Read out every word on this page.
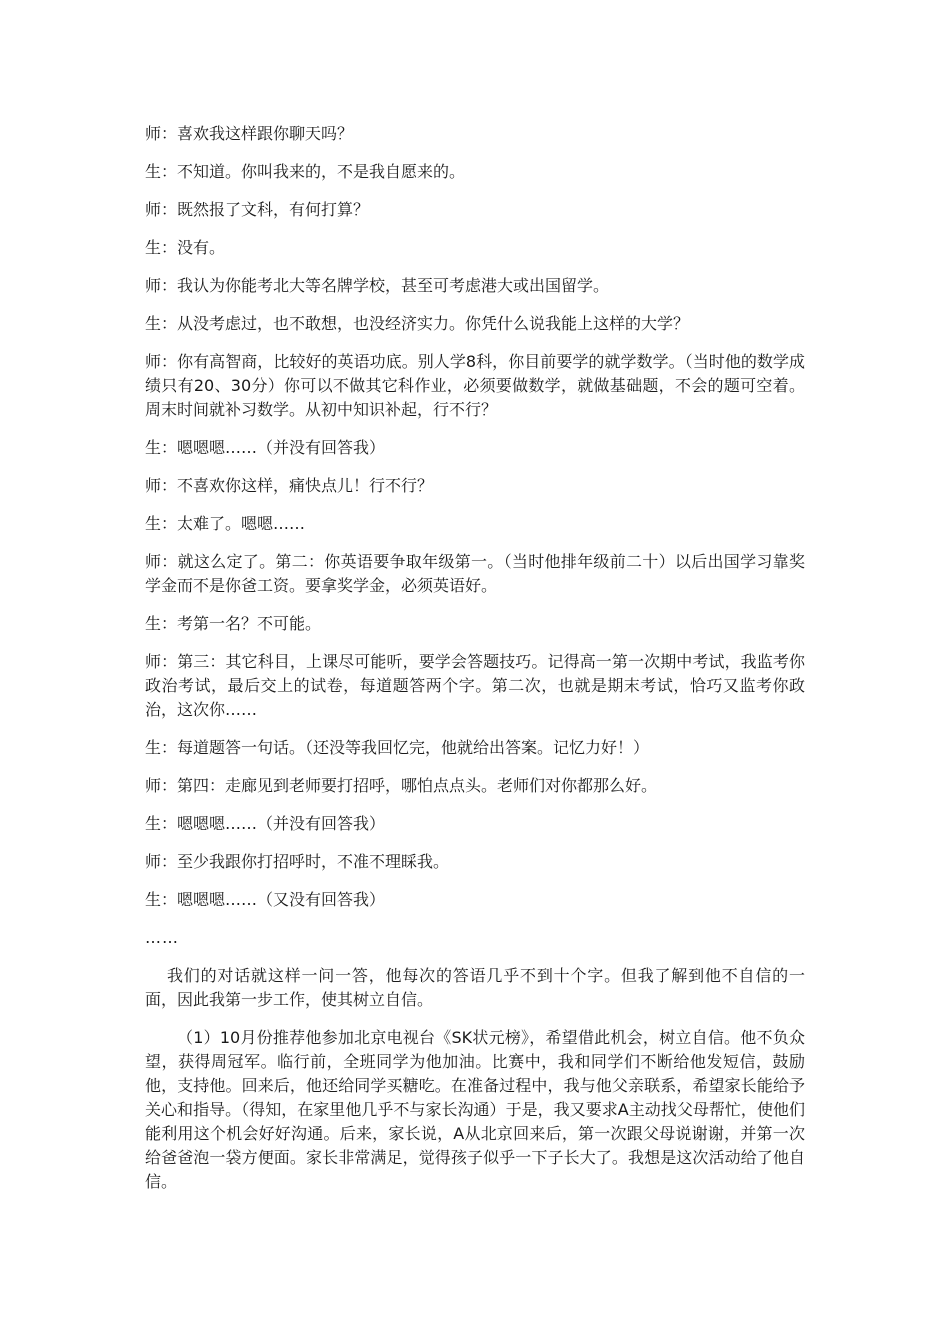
师：喜欢我这样跟你聊天吗？

生：不知道。你叫我来的，不是我自愿来的。

师：既然报了文科，有何打算？

生：没有。

师：我认为你能考北大等名牌学校，甚至可考虑港大或出国留学。

生：从没考虑过，也不敢想，也没经济实力。你凭什么说我能上这样的大学？

师：你有高智商，比较好的英语功底。别人学8科，你目前要学的就学数学。（当时他的数学成绩只有20、30分）你可以不做其它科作业，必须要做数学，就做基础题，不会的题可空着。周末时间就补习数学。从初中知识补起，行不行？

生：嗯嗯嗯……（并没有回答我）

师：不喜欢你这样，痛快点儿！行不行？

生：太难了。嗯嗯……

师：就这么定了。第二：你英语要争取年级第一。（当时他排年级前二十）以后出国学习靠奖学金而不是你爸工资。要拿奖学金，必须英语好。

生：考第一名？不可能。

师：第三：其它科目，上课尽可能听，要学会答题技巧。记得高一第一次期中考试，我监考你政治考试，最后交上的试卷，每道题答两个字。第二次，也就是期末考试，恰巧又监考你政治，这次你……

生：每道题答一句话。（还没等我回忆完，他就给出答案。记忆力好！）

师：第四：走廊见到老师要打招呼，哪怕点点头。老师们对你都那么好。

生：嗯嗯嗯……（并没有回答我）

师：至少我跟你打招呼时，不准不理睬我。

生：嗯嗯嗯……（又没有回答我）

……

我们的对话就这样一问一答，他每次的答语几乎不到十个字。但我了解到他不自信的一面，因此我第一步工作，使其树立自信。

（1）10月份推荐他参加北京电视台《SK状元榜》，希望借此机会，树立自信。他不负众望，获得周冠军。临行前，全班同学为他加油。比赛中，我和同学们不断给他发短信，鼓励他，支持他。回来后，他还给同学买糖吃。在准备过程中，我与他父亲联系，希望家长能给予关心和指导。（得知，在家里他几乎不与家长沟通）于是，我又要求A主动找父母帮忙，使他们能利用这个机会好好沟通。后来，家长说，A从北京回来后，第一次跟父母说谢谢，并第一次给爸爸泡一袋方便面。家长非常满足，觉得孩子似乎一下子长大了。我想是这次活动给了他自信。
